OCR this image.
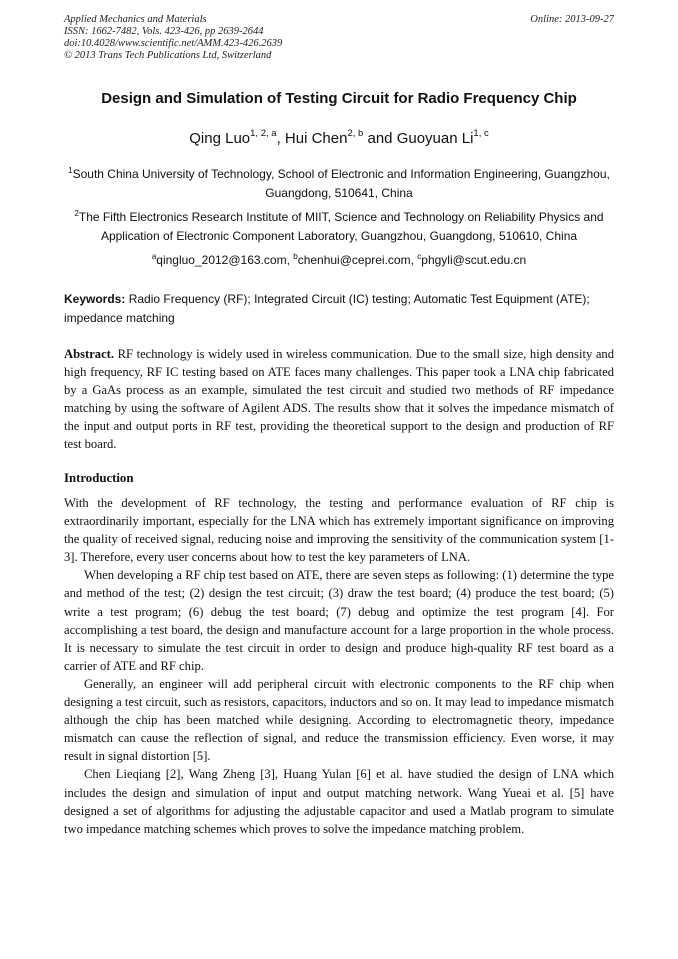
Applied Mechanics and Materials
ISSN: 1662-7482, Vols. 423-426, pp 2639-2644
doi:10.4028/www.scientific.net/AMM.423-426.2639
© 2013 Trans Tech Publications Ltd, Switzerland
Online: 2013-09-27
Design and Simulation of Testing Circuit for Radio Frequency Chip
Qing Luo$^{1, 2, a}$, Hui Chen$^{2, b}$ and Guoyuan Li$^{1, c}$
$^1$South China University of Technology, School of Electronic and Information Engineering, Guangzhou, Guangdong, 510641, China
$^2$The Fifth Electronics Research Institute of MIIT, Science and Technology on Reliability Physics and Application of Electronic Component Laboratory, Guangzhou, Guangdong, 510610, China
$^a$qingluo_2012@163.com, $^b$chenhui@ceprei.com, $^c$phgyli@scut.edu.cn
Keywords: Radio Frequency (RF); Integrated Circuit (IC) testing; Automatic Test Equipment (ATE); impedance matching
Abstract. RF technology is widely used in wireless communication. Due to the small size, high density and high frequency, RF IC testing based on ATE faces many challenges. This paper took a LNA chip fabricated by a GaAs process as an example, simulated the test circuit and studied two methods of RF impedance matching by using the software of Agilent ADS. The results show that it solves the impedance mismatch of the input and output ports in RF test, providing the theoretical support to the design and production of RF test board.
Introduction

With the development of RF technology, the testing and performance evaluation of RF chip is extraordinarily important, especially for the LNA which has extremely important significance on improving the quality of received signal, reducing noise and improving the sensitivity of the communication system [1-3]. Therefore, every user concerns about how to test the key parameters of LNA.

When developing a RF chip test based on ATE, there are seven steps as following: (1) determine the type and method of the test; (2) design the test circuit; (3) draw the test board; (4) produce the test board; (5) write a test program; (6) debug the test board; (7) debug and optimize the test program [4]. For accomplishing a test board, the design and manufacture account for a large proportion in the whole process. It is necessary to simulate the test circuit in order to design and produce high-quality RF test board as a carrier of ATE and RF chip.

Generally, an engineer will add peripheral circuit with electronic components to the RF chip when designing a test circuit, such as resistors, capacitors, inductors and so on. It may lead to impedance mismatch although the chip has been matched while designing. According to electromagnetic theory, impedance mismatch can cause the reflection of signal, and reduce the transmission efficiency. Even worse, it may result in signal distortion [5].

Chen Lieqiang [2], Wang Zheng [3], Huang Yulan [6] et al. have studied the design of LNA which includes the design and simulation of input and output matching network. Wang Yueai et al. [5] have designed a set of algorithms for adjusting the adjustable capacitor and used a Matlab program to simulate two impedance matching schemes which proves to solve the impedance matching problem.
